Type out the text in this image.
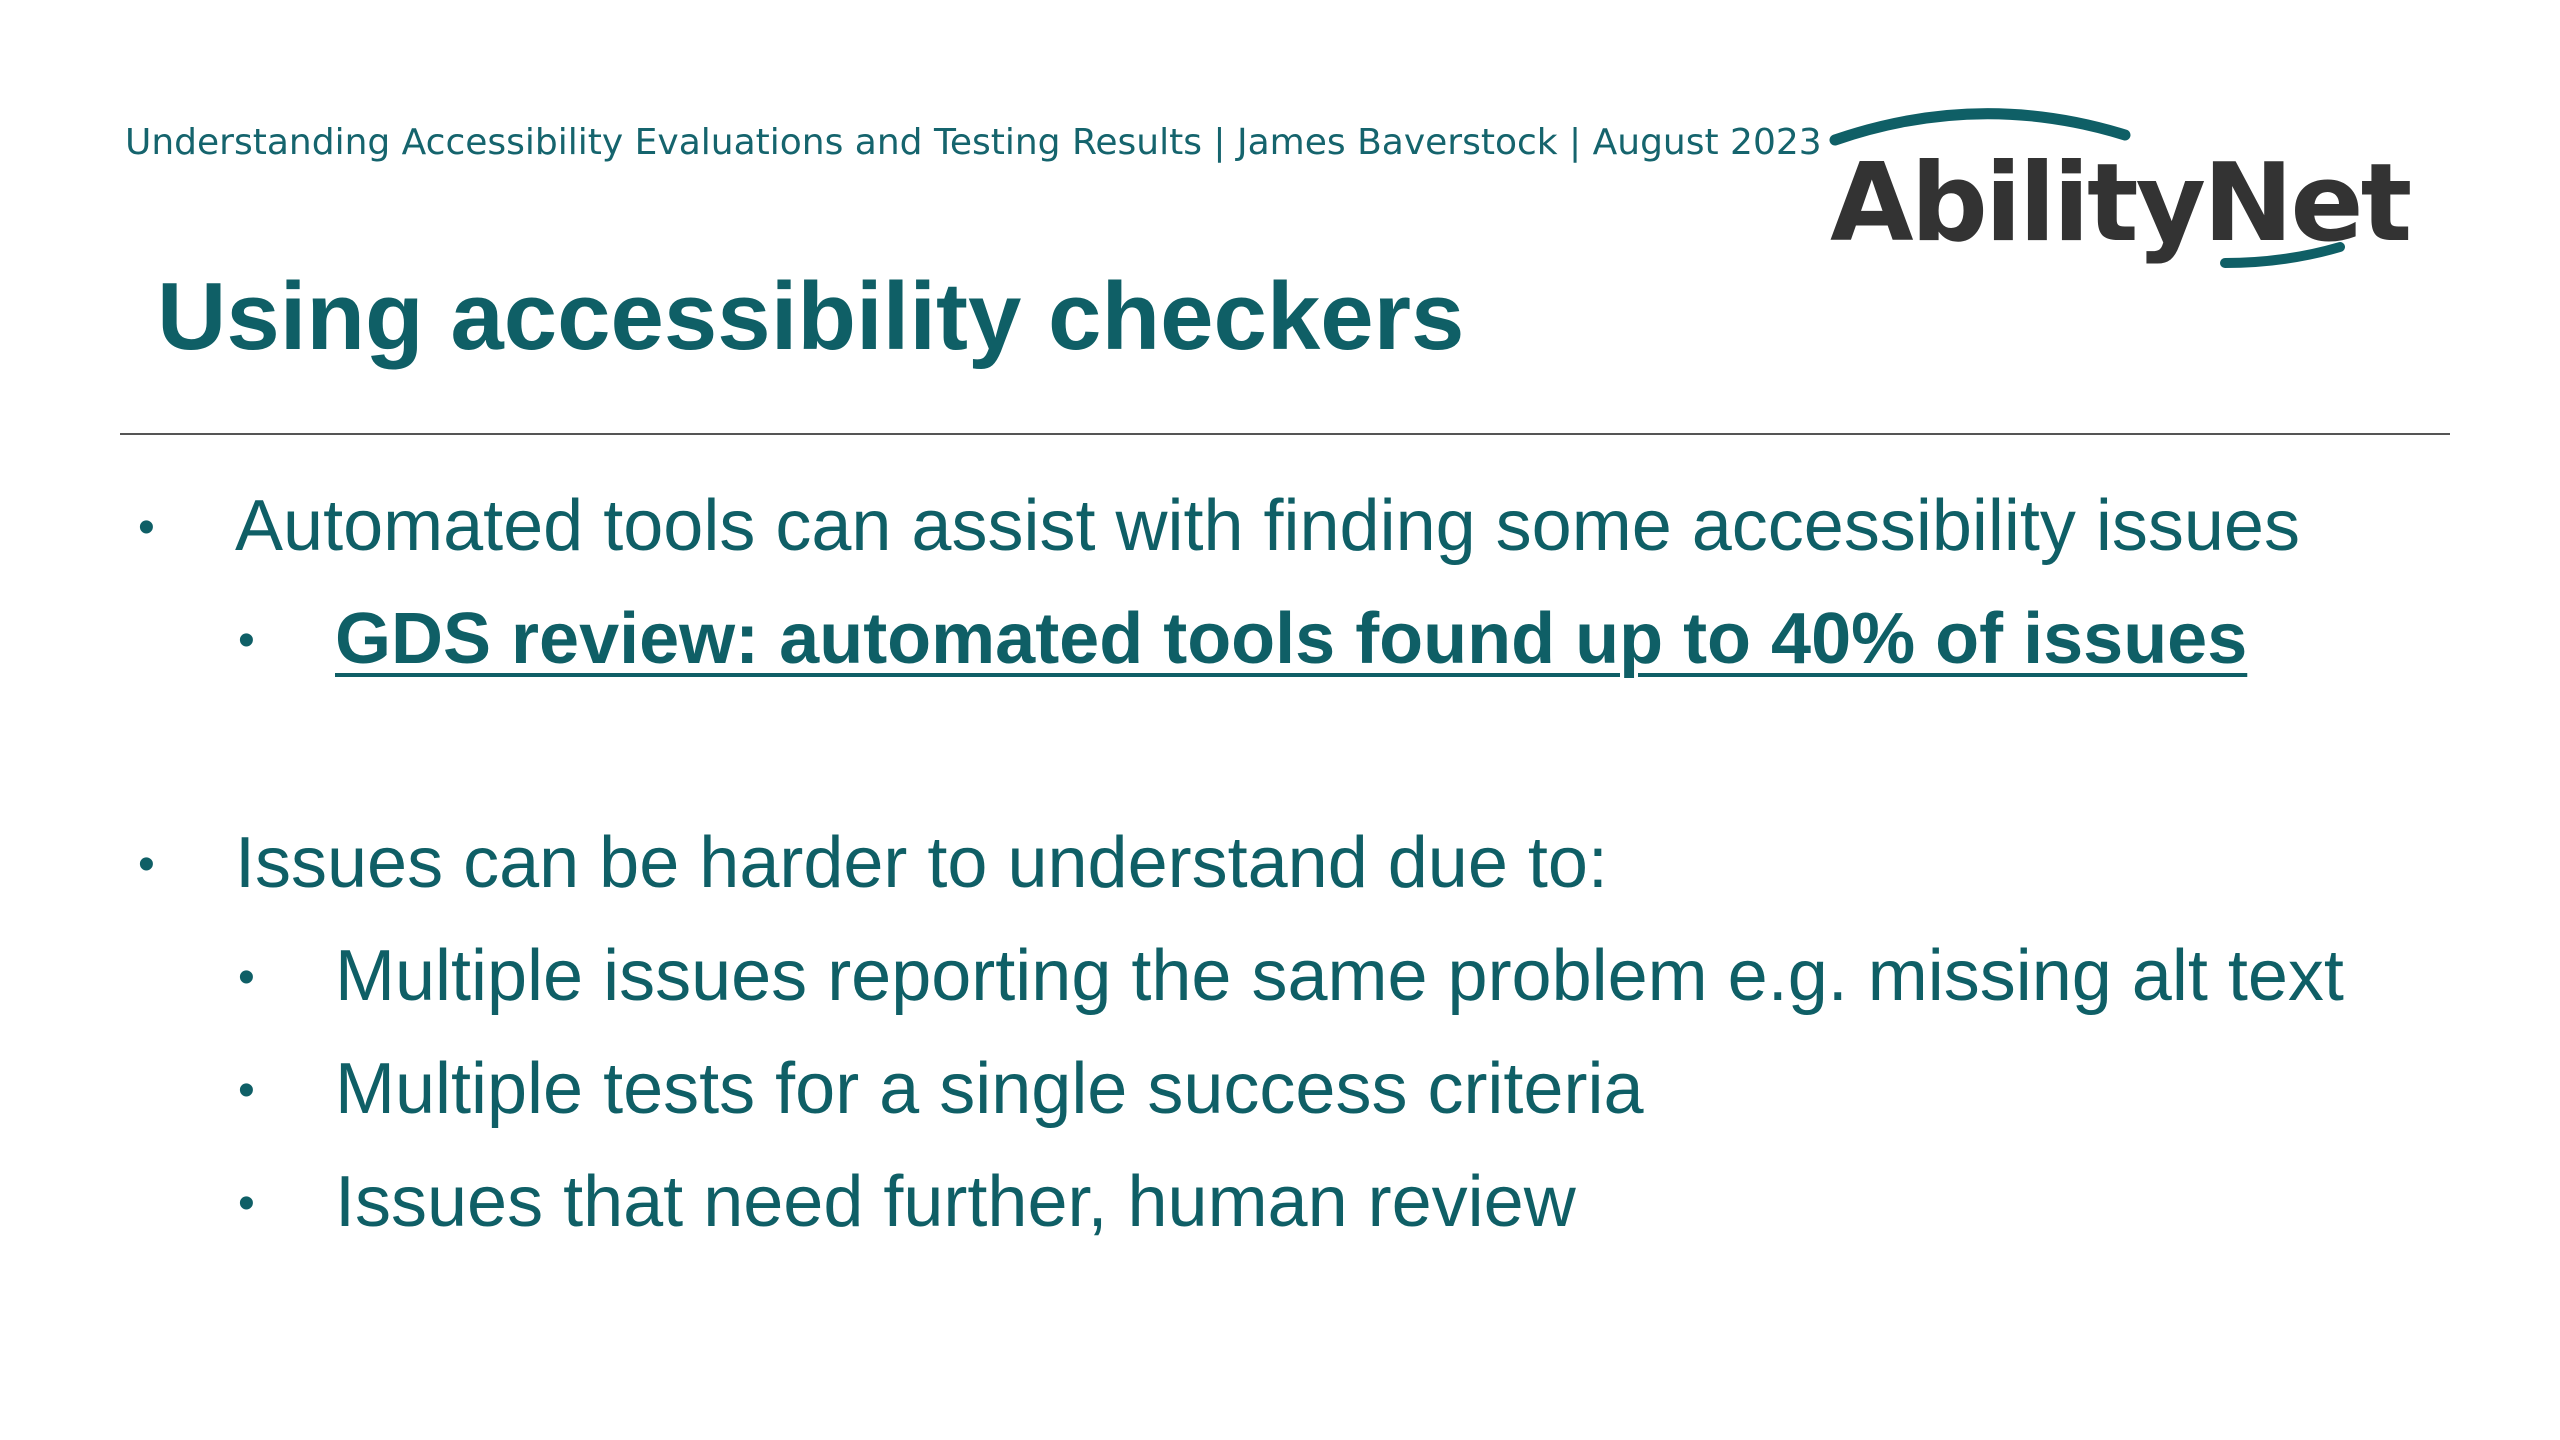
Understanding Accessibility Evaluations and Testing Results | James Baverstock | August 2023 AbilityNet
Using accessibility checkers
• Automated tools can assist with finding some accessibility issues
• GDS review: automated tools found up to 40% of issues
• Issues can be harder to understand due to:
• Multiple issues reporting the same problem e.g. missing alt text
• Multiple tests for a single success criteria
• Issues that need further, human review
